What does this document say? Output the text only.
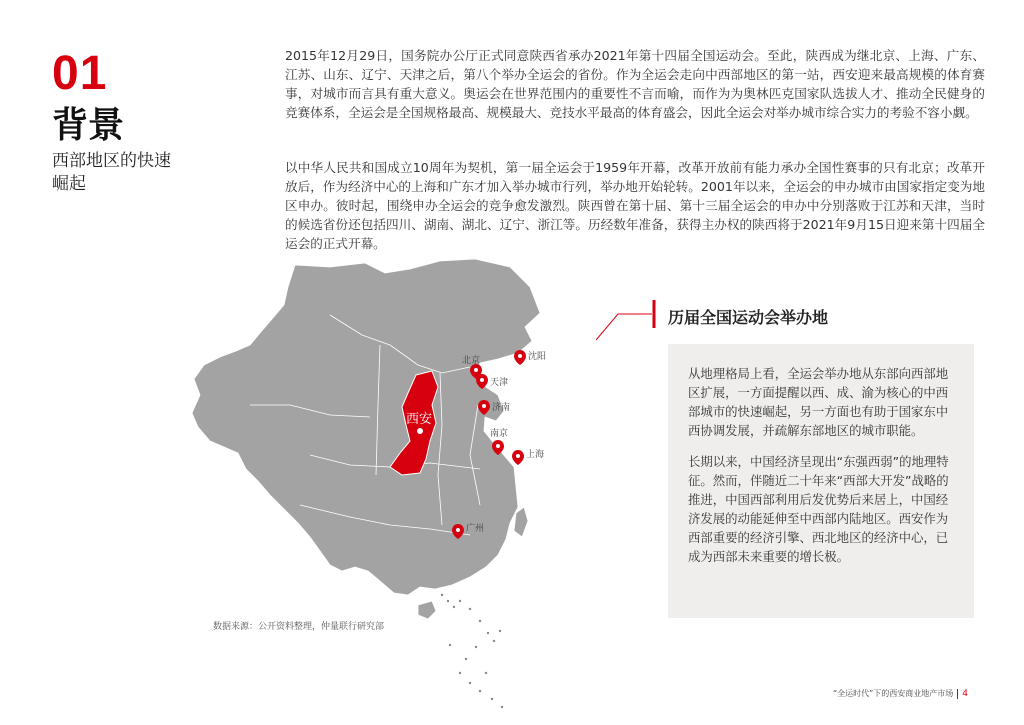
01
背景
西部地区的快速崛起

2015年12月29日，国务院办公厅正式同意陕西省承办2021年第十四届全国运动会。至此，陕西成为继北京、上海、广东、江苏、山东、辽宁、天津之后，第八个举办全运会的省份。作为全运会走向中西部地区的第一站，西安迎来最高规模的体育赛事，对城市而言具有重大意义。奥运会在世界范围内的重要性不言而喻，而作为为奥林匹克国家队选拔人才、推动全民健身的竞赛体系，全运会是全国规格最高、规模最大、竞技水平最高的体育盛会，因此全运会对举办城市综合实力的考验不容小觑。

以中华人民共和国成立10周年为契机，第一届全运会于1959年开幕，改革开放前有能力承办全国性赛事的只有北京；改革开放后，作为经济中心的上海和广东才加入举办城市行列，举办地开始轮转。2001年以来，全运会的申办城市由国家指定变为地区申办。彼时起，围绕申办全运会的竞争愈发激烈。陕西曾在第十届、第十三届全运会的申办中分别落败于江苏和天津，当时的候选省份还包括四川、湖南、湖北、辽宁、浙江等。历经数年准备，获得主办权的陕西将于2021年9月15日迎来第十四届全运会的正式开幕。

西安
北京	沈阳
天津
济南
南京
上海
广州
历届全国运动会举办地

从地理格局上看，全运会举办地从东部向西部地区扩展，一方面提醒以西、成、渝为核心的中西部城市的快速崛起，另一方面也有助于国家东中西协调发展，并疏解东部地区的城市职能。

长期以来，中国经济呈现出“东强西弱”的地理特征。然而，伴随近二十年来“西部大开发”战略的推进，中国西部利用后发优势后来居上，中国经济发展的动能延伸至中西部内陆地区。西安作为西部重要的经济引擎、西北地区的经济中心，已成为西部未来重要的增长极。

数据来源：公开资料整理，仲量联行研究部
“全运时代”下的西安商业地产市场 4
